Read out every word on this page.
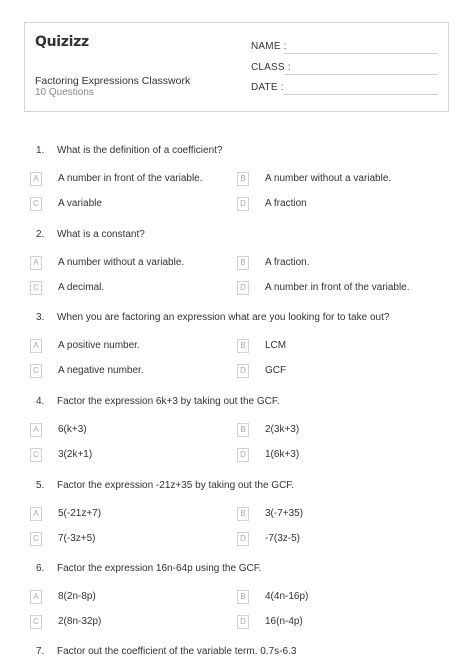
Quizizz
Factoring Expressions Classwork
10 Questions
NAME :
CLASS :
DATE :
1. What is the definition of a coefficient?
A	A number in front of the variable.	B	A number without a variable.
C	A variable	D	A fraction
2. What is a constant?
A	A number without a variable.	B	A fraction.
C	A decimal.	D	A number in front of the variable.
3. When you are factoring an expression what are you looking for to take out?
A	A positive number.	B	LCM
C	A negative number.	D	GCF
4. Factor the expression 6k+3 by taking out the GCF.
A	6(k+3)	B	2(3k+3)
C	3(2k+1)	D	1(6k+3)
5. Factor the expression -21z+35 by taking out the GCF.
A	5(-21z+7)	B	3(-7+35)
C	7(-3z+5)	D	-7(3z-5)
6. Factor the expression 16n-64p using the GCF.
A	8(2n-8p)	B	4(4n-16p)
C	2(8n-32p)	D	16(n-4p)
7. Factor out the coefficient of the variable term. 0.7s-6.3
